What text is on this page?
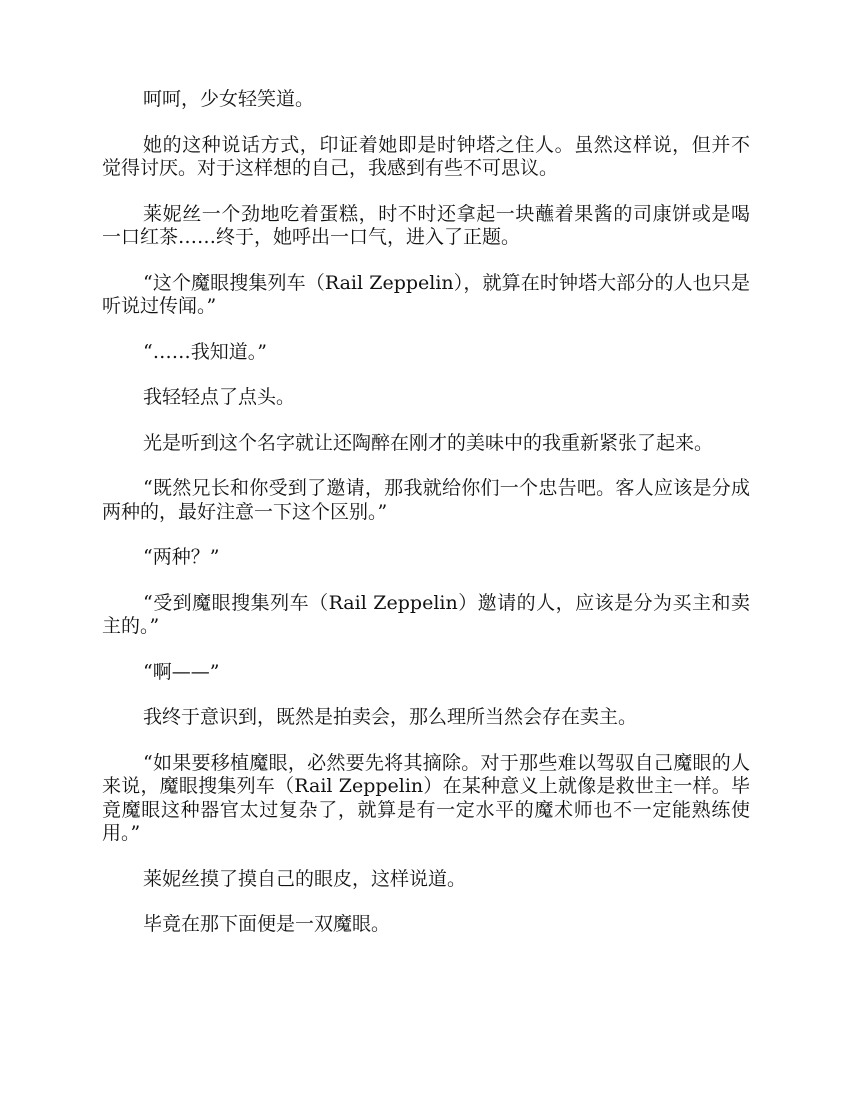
呵呵，少女轻笑道。

她的这种说话方式，印证着她即是时钟塔之住人。虽然这样说，但并不觉得讨厌。对于这样想的自己，我感到有些不可思议。

莱妮丝一个劲地吃着蛋糕，时不时还拿起一块蘸着果酱的司康饼或是喝一口红茶……终于，她呼出一口气，进入了正题。

“这个魔眼搜集列车（Rail Zeppelin），就算在时钟塔大部分的人也只是听说过传闻。”

“……我知道。”

我轻轻点了点头。

光是听到这个名字就让还陶醉在刚才的美味中的我重新紧张了起来。

“既然兄长和你受到了邀请，那我就给你们一个忠告吧。客人应该是分成两种的，最好注意一下这个区别。”

“两种？”

“受到魔眼搜集列车（Rail Zeppelin）邀请的人，应该是分为买主和卖主的。”

“啊——”

我终于意识到，既然是拍卖会，那么理所当然会存在卖主。

“如果要移植魔眼，必然要先将其摘除。对于那些难以驾驭自己魔眼的人来说，魔眼搜集列车（Rail Zeppelin）在某种意义上就像是救世主一样。毕竟魔眼这种器官太过复杂了，就算是有一定水平的魔术师也不一定能熟练使用。”

莱妮丝摸了摸自己的眼皮，这样说道。

毕竟在那下面便是一双魔眼。
